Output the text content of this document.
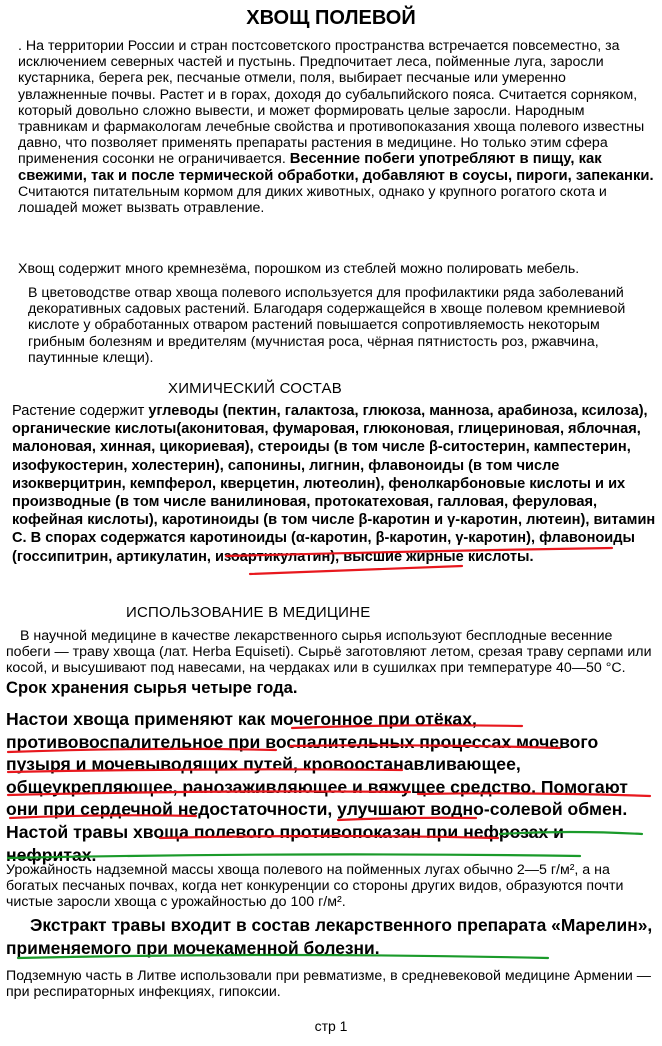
ХВОЩ ПОЛЕВОЙ

. На территории России и стран постсоветского пространства встречается повсеместно, за исключением северных частей и пустынь. Предпочитает леса, пойменные луга, заросли кустарника, берега рек, песчаные отмели, поля, выбирает песчаные или умеренно увлажненные почвы. Растет и в горах, доходя до субальпийского пояса. Считается сорняком, который довольно сложно вывести, и может формировать целые заросли. Народным травникам и фармакологам лечебные свойства и противопоказания хвоща полевого известны давно, что позволяет применять препараты растения в медицине. Но только этим сфера применения сосонки не ограничивается. Весенние побеги употребляют в пищу, как свежими, так и после термической обработки, добавляют в соусы, пироги, запеканки. Считаются питательным кормом для диких животных, однако у крупного рогатого скота и лошадей может вызвать отравление.

Хвощ содержит много кремнезёма, порошком из стеблей можно полировать мебель.

В цветоводстве отвар хвоща полевого используется для профилактики ряда заболеваний декоративных садовых растений. Благодаря содержащейся в хвоще полевом кремниевой кислоте у обработанных отваром растений повышается сопротивляемость некоторым грибным болезням и вредителям (мучнистая роса, чёрная пятнистость роз, ржавчина, паутинные клещи).

ХИМИЧЕСКИЙ СОСТАВ

Растение содержит углеводы (пектин, галактоза, глюкоза, манноза, арабиноза, ксилоза), органические кислоты(аконитовая, фумаровая, глюконовая, глицериновая, яблочная, малоновая, хинная, цикориевая), стероиды (в том числе β-ситостерин, кампестерин, изофукостерин, холестерин), сапонины, лигнин, флавоноиды (в том числе изокверцитрин, кемпферол, кверцетин, лютеолин), фенолкарбоновые кислоты и их производные (в том числе ванилиновая, протокатеховая, галловая, феруловая, кофейная кислоты), каротиноиды (в том числе β-каротин и γ-каротин, лютеин), витамин С. В спорах содержатся каротиноиды (α-каротин, β-каротин, γ-каротин), флавоноиды (госсипитрин, артикулатин, изоартикулатин), высшие жирные кислоты.

ИСПОЛЬЗОВАНИЕ В МЕДИЦИНЕ

В научной медицине в качестве лекарственного сырья используют бесплодные весенние побеги — траву хвоща (лат. Herba Equiseti). Сырьё заготовляют летом, срезая траву серпами или косой, и высушивают под навесами, на чердаках или в сушилках при температуре 40—50 °C. Срок хранения сырья четыре года.

Настои хвоща применяют как мочегонное при отёках, противовоспалительное при воспалительных процессах мочевого пузыря и мочевыводящих путей, кровоостанавливающее, общеукрепляющее, ранозаживляющее и вяжущее средство. Помогают они при сердечной недостаточности, улучшают водно-солевой обмен. Настой травы хвоща полевого противопоказан при нефрозах и нефритах.

Урожайность надземной массы хвоща полевого на пойменных лугах обычно 2—5 г/м², а на богатых песчаных почвах, когда нет конкуренции со стороны других видов, образуются почти чистые заросли хвоща с урожайностью до 100 г/м².

Экстракт травы входит в состав лекарственного препарата «Марелин», применяемого при мочекаменной болезни.

Подземную часть в Литве использовали при ревматизме, в средневековой медицине Армении — при респираторных инфекциях, гипоксии.

стр 1
